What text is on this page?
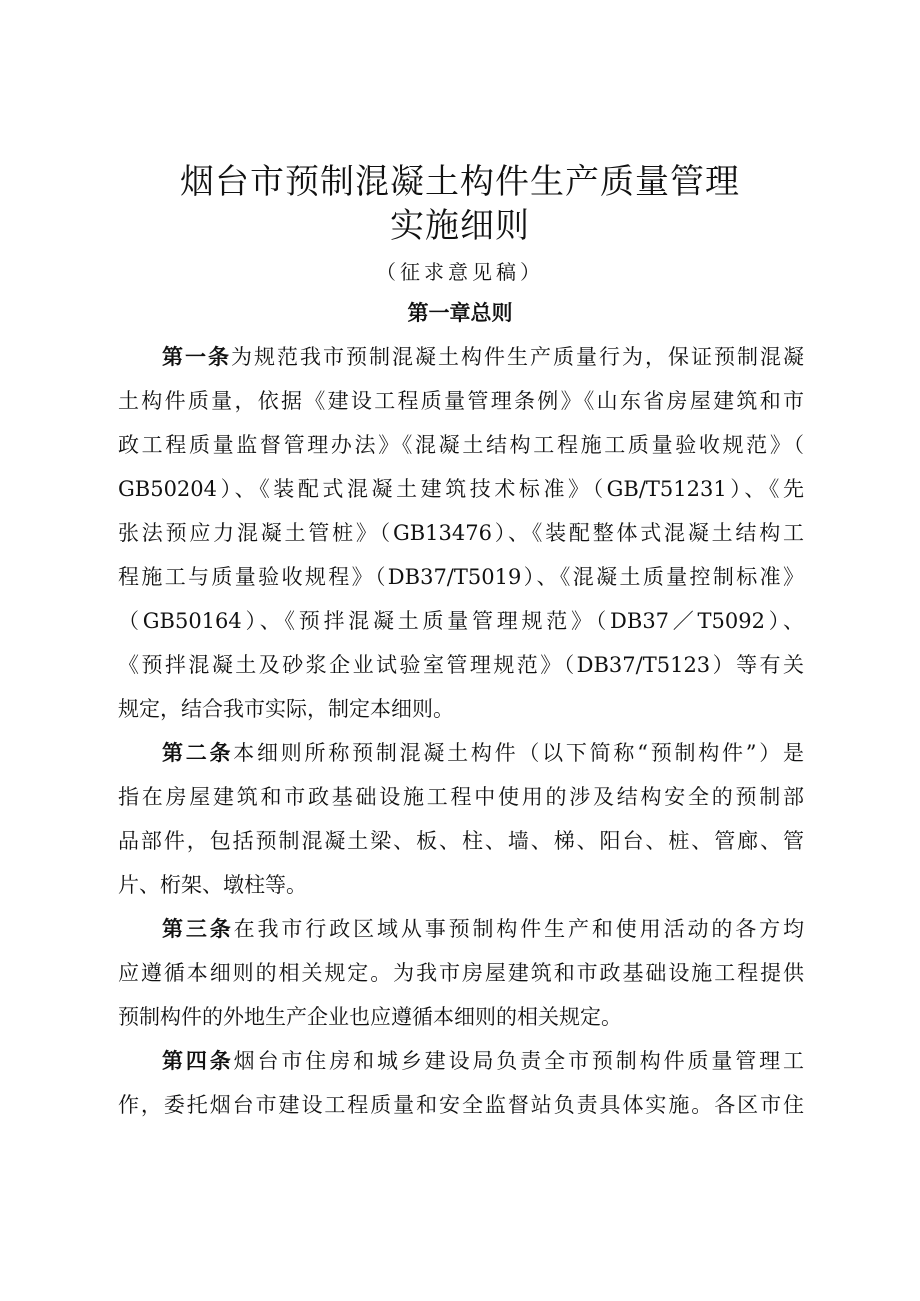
烟台市预制混凝土构件生产质量管理
实施细则
（征求意见稿）
第一章总则
第一条为规范我市预制混凝土构件生产质量行为，保证预制混凝
土构件质量，依据《建设工程质量管理条例》《山东省房屋建筑和市
政工程质量监督管理办法》《混凝土结构工程施工质量验收规范》（
GB50204）、《装配式混凝土建筑技术标准》（GB/T51231）、《先
张法预应力混凝土管桩》（GB13476）、《装配整体式混凝土结构工
程施工与质量验收规程》（DB37/T5019）、《混凝土质量控制标准》
（GB50164）、《预拌混凝土质量管理规范》（DB37／T5092）、
《预拌混凝土及砂浆企业试验室管理规范》（DB37/T5123）等有关
规定，结合我市实际，制定本细则。
第二条本细则所称预制混凝土构件（以下简称“预制构件”）是
指在房屋建筑和市政基础设施工程中使用的涉及结构安全的预制部
品部件，包括预制混凝土梁、板、柱、墙、梯、阳台、桩、管廊、管
片、桁架、墩柱等。
第三条在我市行政区域从事预制构件生产和使用活动的各方均
应遵循本细则的相关规定。为我市房屋建筑和市政基础设施工程提供
预制构件的外地生产企业也应遵循本细则的相关规定。
第四条烟台市住房和城乡建设局负责全市预制构件质量管理工
作，委托烟台市建设工程质量和安全监督站负责具体实施。各区市住
